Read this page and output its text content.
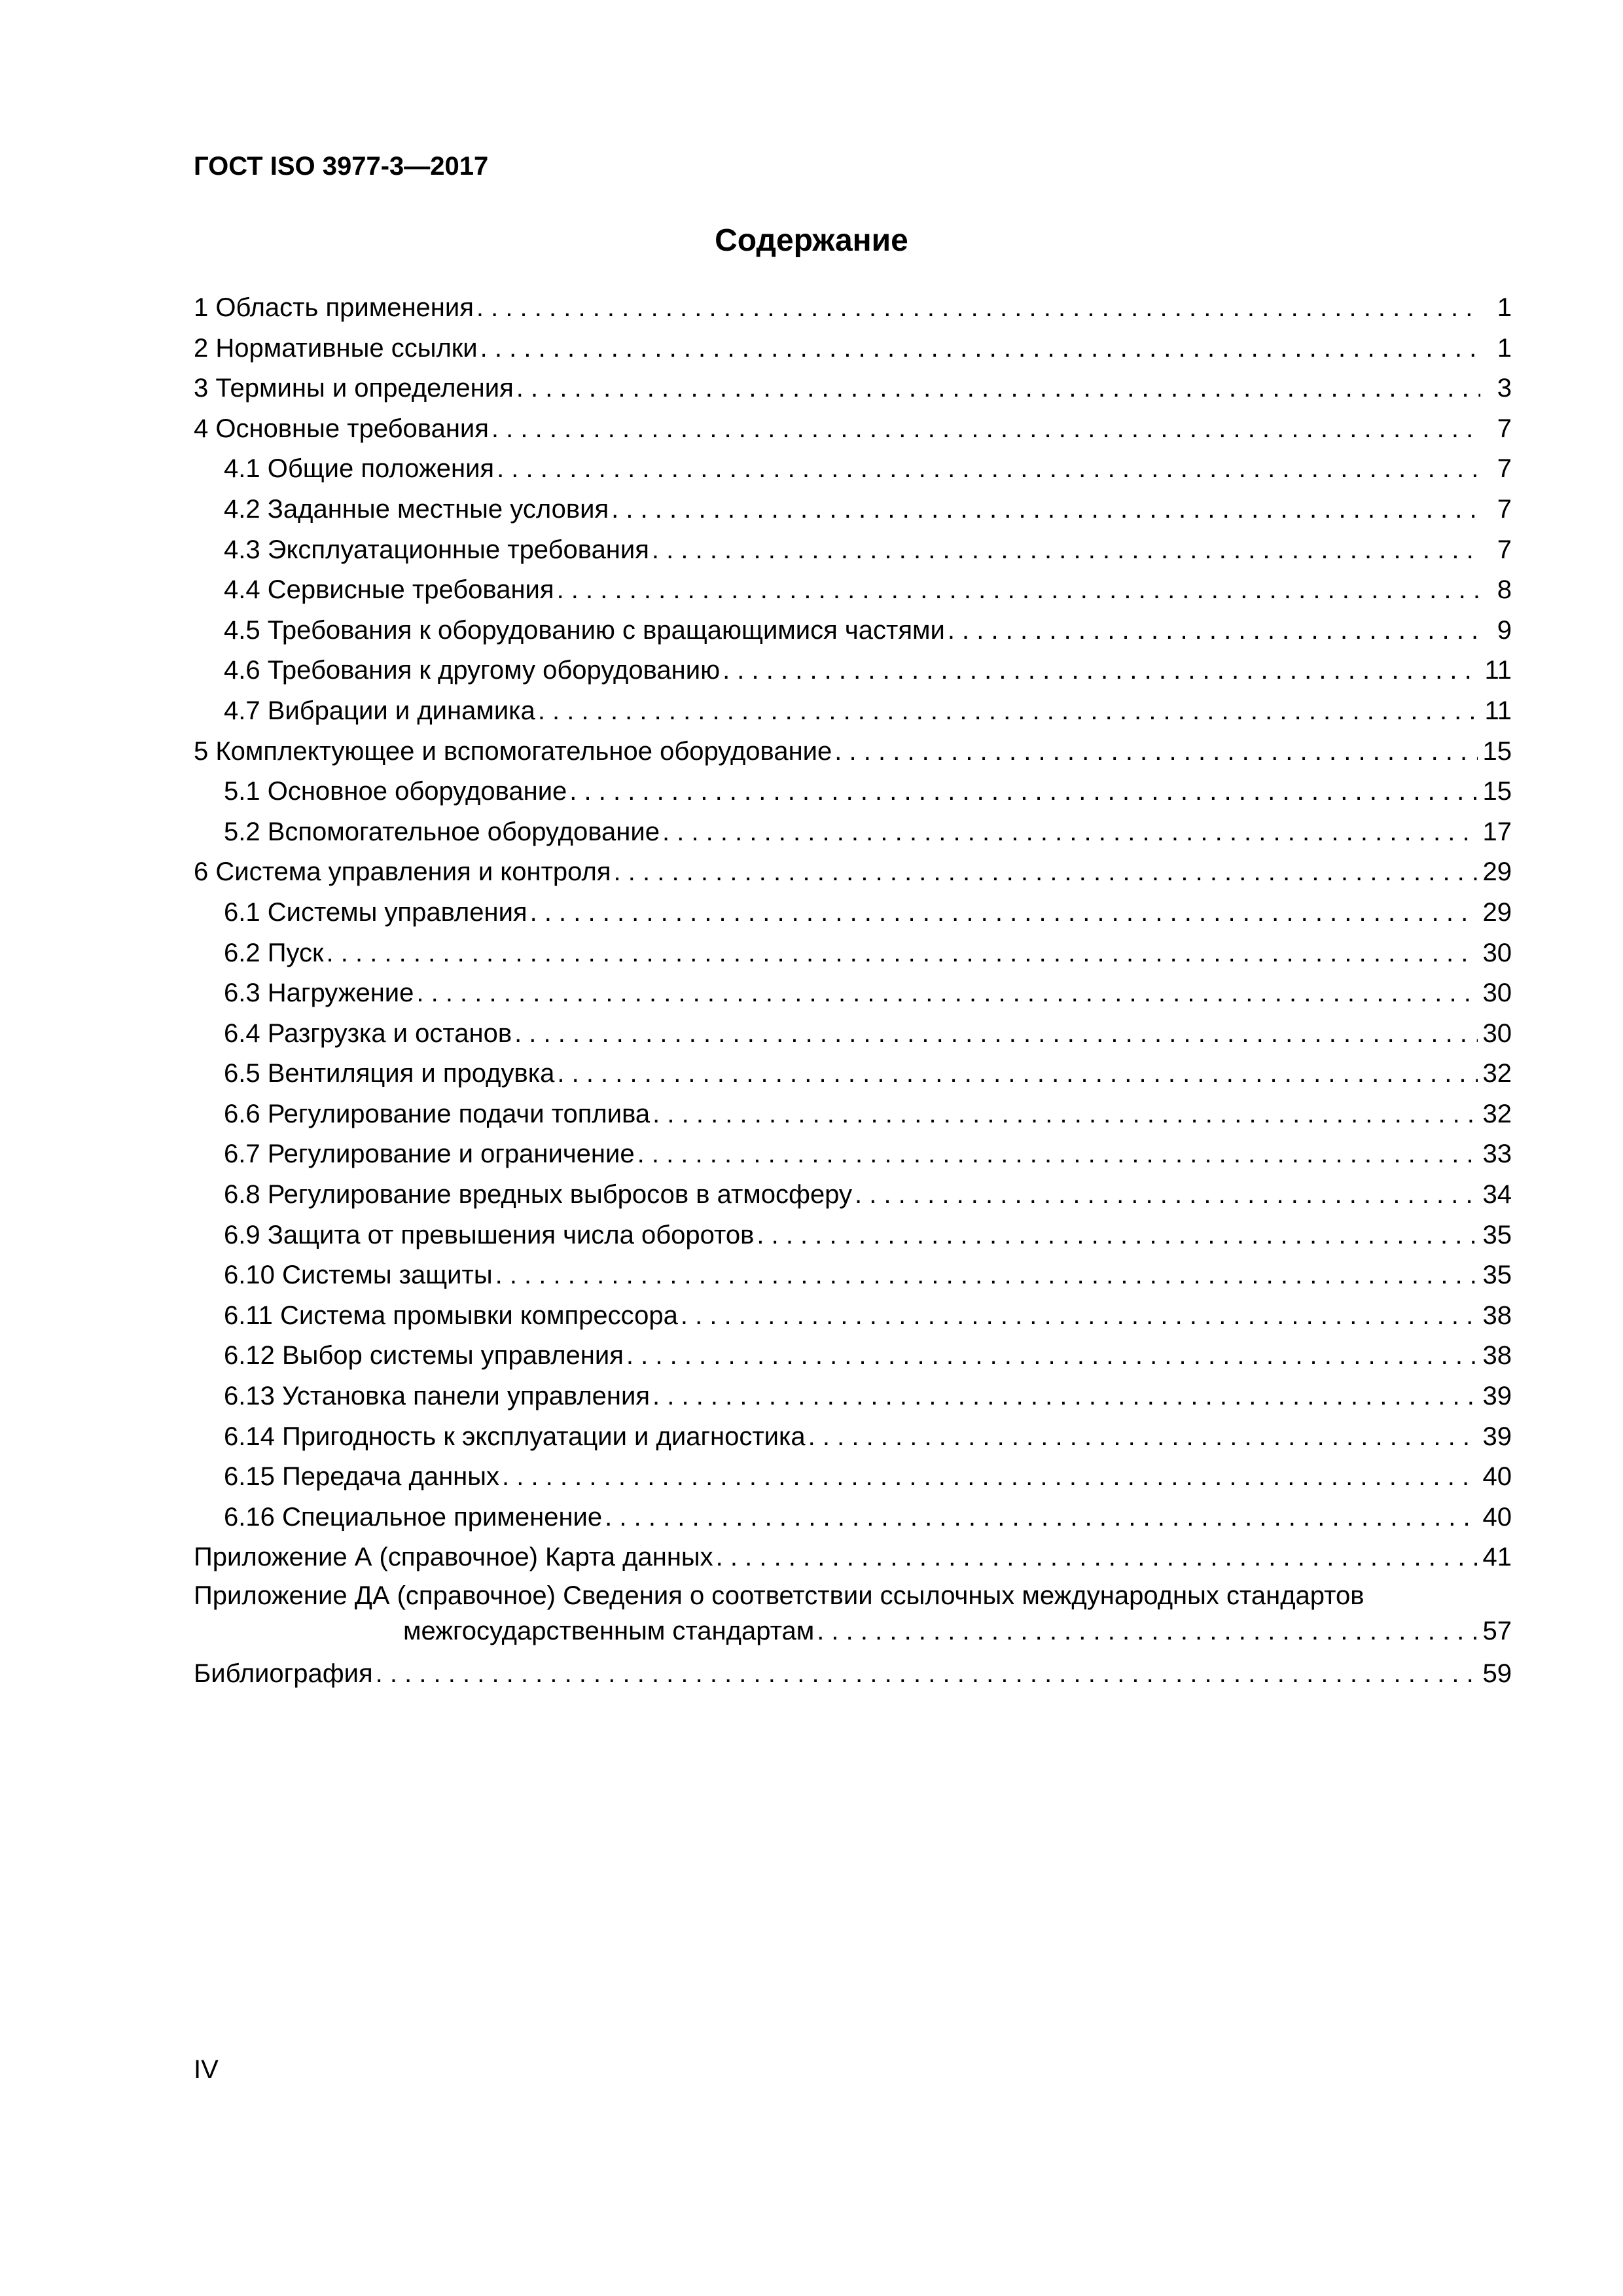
ГОСТ ISO 3977-3—2017
Содержание
1 Область применения . . .	1
2 Нормативные ссылки . . .	1
3 Термины и определения . . .	3
4 Основные требования . . .	7
4.1 Общие положения . . .	7
4.2 Заданные местные условия . . .	7
4.3 Эксплуатационные требования . . .	7
4.4 Сервисные требования . . .	8
4.5 Требования к оборудованию с вращающимися частями . . .	9
4.6 Требования к другому оборудованию . . .	11
4.7 Вибрации и динамика . . .	11
5 Комплектующее и вспомогательное оборудование . . .	15
5.1 Основное оборудование . . .	15
5.2 Вспомогательное оборудование . . .	17
6 Система управления и контроля . . .	29
6.1 Системы управления . . .	29
6.2 Пуск . . .	30
6.3 Нагружение . . .	30
6.4 Разгрузка и останов . . .	30
6.5 Вентиляция и продувка . . .	32
6.6 Регулирование подачи топлива . . .	32
6.7 Регулирование и ограничение . . .	33
6.8 Регулирование вредных выбросов в атмосферу . . .	34
6.9 Защита от превышения числа оборотов . . .	35
6.10 Системы защиты . . .	35
6.11 Система промывки компрессора . . .	38
6.12 Выбор системы управления . . .	38
6.13 Установка панели управления . . .	39
6.14 Пригодность к эксплуатации и диагностика . . .	39
6.15 Передача данных . . .	40
6.16 Специальное применение . . .	40
Приложение А (справочное) Карта данных . . .	41
Приложение ДА (справочное) Сведения о соответствии ссылочных международных стандартов
межгосударственным стандартам . . .	57
Библиография . . .	59
IV
